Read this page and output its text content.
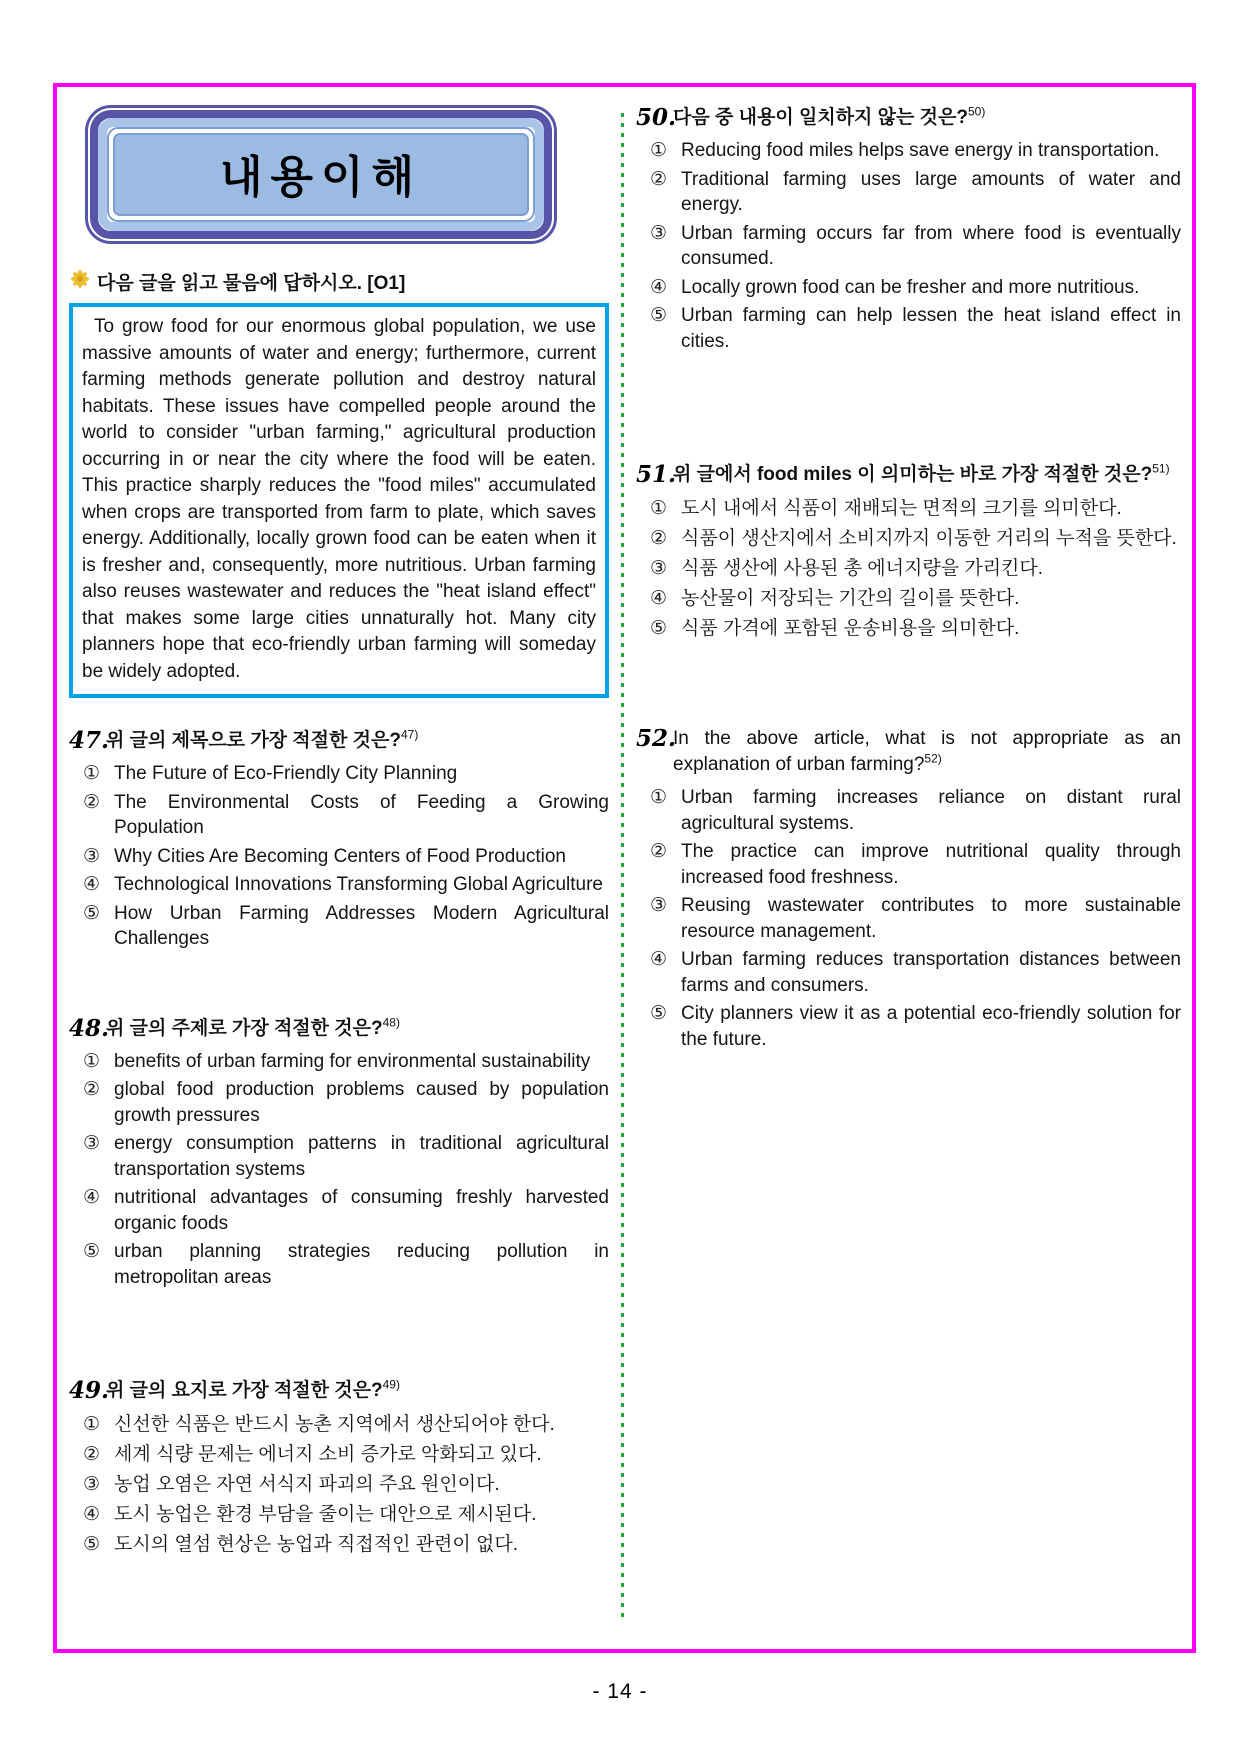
내용이해
다음 글을 읽고 물음에 답하시오. [O1]
To grow food for our enormous global population, we use massive amounts of water and energy; furthermore, current farming methods generate pollution and destroy natural habitats. These issues have compelled people around the world to consider "urban farming," agricultural production occurring in or near the city where the food will be eaten. This practice sharply reduces the "food miles" accumulated when crops are transported from farm to plate, which saves energy. Additionally, locally grown food can be eaten when it is fresher and, consequently, more nutritious. Urban farming also reuses wastewater and reduces the "heat island effect" that makes some large cities unnaturally hot. Many city planners hope that eco-friendly urban farming will someday be widely adopted.
47.
위 글의 제목으로 가장 적절한 것은?$^{47)}$
① The Future of Eco-Friendly City Planning
② The Environmental Costs of Feeding a Growing Population
③ Why Cities Are Becoming Centers of Food Production
④ Technological Innovations Transforming Global Agriculture
⑤ How Urban Farming Addresses Modern Agricultural Challenges
48.
위 글의 주제로 가장 적절한 것은?$^{48)}$
① benefits of urban farming for environmental sustainability
② global food production problems caused by population growth pressures
③ energy consumption patterns in traditional agricultural transportation systems
④ nutritional advantages of consuming freshly harvested organic foods
⑤ urban planning strategies reducing pollution in metropolitan areas
49.
위 글의 요지로 가장 적절한 것은?$^{49)}$
① 신선한 식품은 반드시 농촌 지역에서 생산되어야 한다.
② 세계 식량 문제는 에너지 소비 증가로 악화되고 있다.
③ 농업 오염은 자연 서식지 파괴의 주요 원인이다.
④ 도시 농업은 환경 부담을 줄이는 대안으로 제시된다.
⑤ 도시의 열섬 현상은 농업과 직접적인 관련이 없다.
50.
다음 중 내용이 일치하지 않는 것은?$^{50)}$
① Reducing food miles helps save energy in transportation.
② Traditional farming uses large amounts of water and energy.
③ Urban farming occurs far from where food is eventually consumed.
④ Locally grown food can be fresher and more nutritious.
⑤ Urban farming can help lessen the heat island effect in cities.
51.
위 글에서 food miles 이 의미하는 바로 가장 적절한 것은?$^{51)}$
① 도시 내에서 식품이 재배되는 면적의 크기를 의미한다.
② 식품이 생산지에서 소비지까지 이동한 거리의 누적을 뜻한다.
③ 식품 생산에 사용된 총 에너지량을 가리킨다.
④ 농산물이 저장되는 기간의 길이를 뜻한다.
⑤ 식품 가격에 포함된 운송비용을 의미한다.
52.
In the above article, what is not appropriate as an explanation of urban farming?$^{52)}$
① Urban farming increases reliance on distant rural agricultural systems.
② The practice can improve nutritional quality through increased food freshness.
③ Reusing wastewater contributes to more sustainable resource management.
④ Urban farming reduces transportation distances between farms and consumers.
⑤ City planners view it as a potential eco-friendly solution for the future.
- 14 -
